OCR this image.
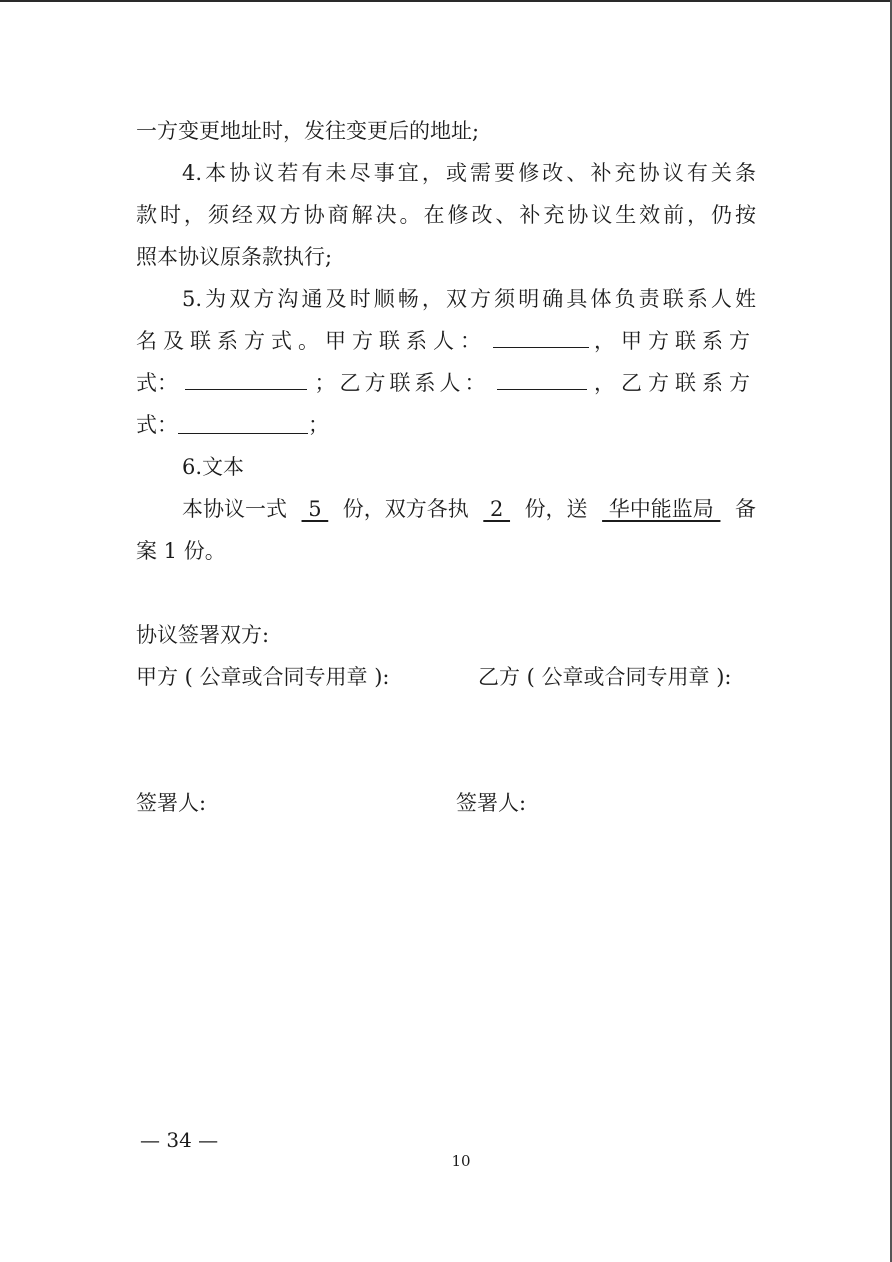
一方变更地址时，发往变更后的地址;
4.本协议若有未尽事宜，或需要修改、补充协议有关条
款时，须经双方协商解决。在修改、补充协议生效前，仍按
照本协议原条款执行;
5.为双方沟通及时顺畅，双方须明确具体负责联系人姓
名及联系方式。甲方联系人：	，甲方联系方
式：	；乙方联系人：	，乙方联系方
式：	；
6.文本
本协议一式 5 份，双方各执 2 份，送 华中能监局 备
案 1 份。
协议签署双方:
甲方 ( 公章或合同专用章 ):	乙方 ( 公章或合同专用章 ):
签署人:	签署人:
— 34 —
10
